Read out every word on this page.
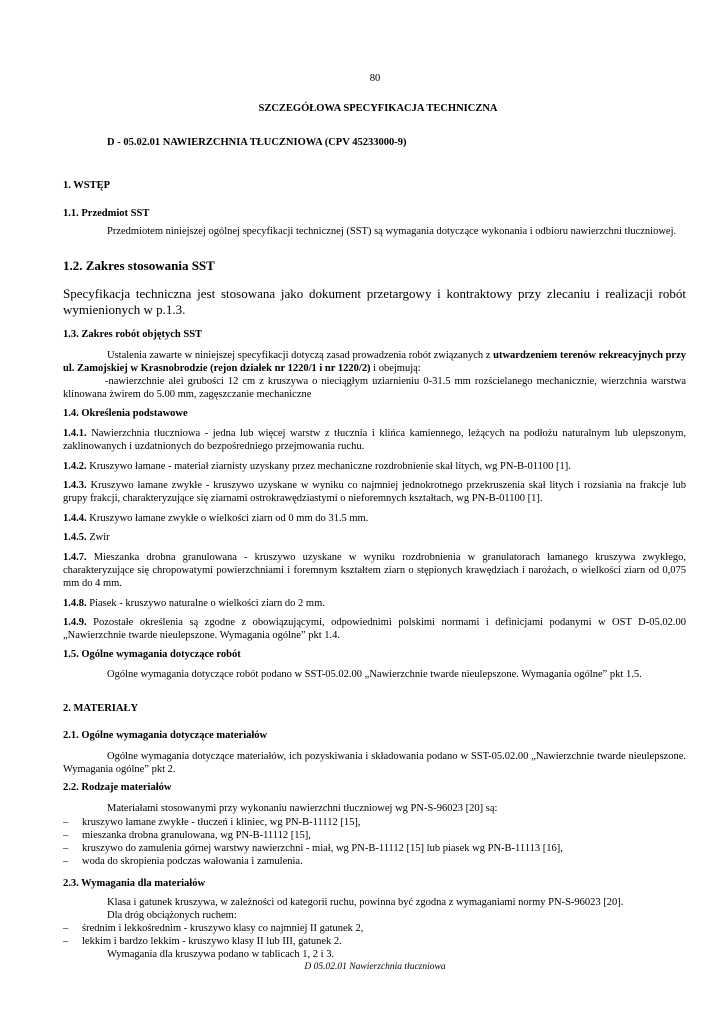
80
SZCZEGÓŁOWA SPECYFIKACJA TECHNICZNA
D - 05.02.01 NAWIERZCHNIA TŁUCZNIOWA (CPV 45233000-9)
1. WSTĘP
1.1. Przedmiot SST
Przedmiotem niniejszej ogólnej specyfikacji technicznej (SST) są wymagania dotyczące wykonania i odbioru nawierzchni tłuczniowej.
1.2. Zakres stosowania SST
Specyfikacja techniczna jest stosowana jako dokument przetargowy i kontraktowy przy zlecaniu i realizacji robót wymienionych w p.1.3.
1.3. Zakres robót objętych SST
Ustalenia zawarte w niniejszej specyfikacji dotyczą zasad prowadzenia robót związanych z utwardzeniem terenów rekreacyjnych przy ul. Zamojskiej w Krasnobrodzie (rejon działek nr 1220/1 i nr 1220/2) i obejmują:
-nawierzchnie alei grubości 12 cm z kruszywa o nieciągłym uziarnieniu 0-31.5 mm rozścielanego mechanicznie, wierzchnia warstwa klinowana żwirem do 5.00 mm, zagęszczanie mechaniczne
1.4. Określenia podstawowe
1.4.1. Nawierzchnia tłuczniowa - jedna lub więcej warstw z tłucznia i klińca kamiennego, leżących na podłożu naturalnym lub ulepszonym, zaklinowanych i uzdatnionych do bezpośredniego przejmowania ruchu.
1.4.2. Kruszywo łamane - materiał ziarnisty uzyskany przez mechaniczne rozdrobnienie skał litych, wg PN-B-01100 [1].
1.4.3. Kruszywo łamane zwykłe - kruszywo uzyskane w wyniku co najmniej jednokrotnego przekruszenia skał litych i rozsiania na frakcje lub grupy frakcji, charakteryzujące się ziarnami ostrokrawędziastymi o nieforemnych kształtach, wg PN-B-01100 [1].
1.4.4. Kruszywo łamane zwykłe o wielkości ziarn od 0 mm do 31.5 mm.
1.4.5. Zwir
1.4.7. Mieszanka drobna granulowana - kruszywo uzyskane w wyniku rozdrobnienia w granulatorach łamanego kruszywa zwykłego, charakteryzujące się chropowatymi powierzchniami i foremnym kształtem ziarn o stępionych krawędziach i narożach, o wielkości ziarn od 0,075 mm do 4 mm.
1.4.8. Piasek - kruszywo naturalne o wielkości ziarn do 2 mm.
1.4.9. Pozostałe określenia są zgodne z obowiązującymi, odpowiednimi polskimi normami i definicjami podanymi w OST D-05.02.00 „Nawierzchnie twarde nieulepszone. Wymagania ogólne” pkt 1.4.
1.5. Ogólne wymagania dotyczące robót
Ogólne wymagania dotyczące robót podano w SST-05.02.00 „Nawierzchnie twarde nieulepszone. Wymagania ogólne” pkt 1.5.
2. MATERIAŁY
2.1. Ogólne wymagania dotyczące materiałów
Ogólne wymagania dotyczące materiałów, ich pozyskiwania i składowania podano w SST-05.02.00 „Nawierzchnie twarde nieulepszone. Wymagania ogólne” pkt 2.
2.2. Rodzaje materiałów
Materiałami stosowanymi przy wykonaniu nawierzchni tłuczniowej wg PN-S-96023 [20] są:
– kruszywo łamane zwykłe - tłuczeń i kliniec, wg PN-B-11112 [15],
– mieszanka drobna granulowana, wg PN-B-11112 [15],
– kruszywo do zamulenia górnej warstwy nawierzchni - miał, wg PN-B-11112 [15] lub piasek wg PN-B-11113 [16],
– woda do skropienia podczas wałowania i zamulenia.
2.3. Wymagania dla materiałów
Klasa i gatunek kruszywa, w zależności od kategorii ruchu, powinna być zgodna z wymaganiami normy PN-S-96023 [20].
Dla dróg obciążonych ruchem:
– średnim i lekkośrednim - kruszywo klasy co najmniej II gatunek 2,
– lekkim i bardzo lekkim - kruszywo klasy II lub III, gatunek 2.
Wymagania dla kruszywa podano w tablicach 1, 2 i 3.
D 05.02.01 Nawierzchnia tłuczniowa
